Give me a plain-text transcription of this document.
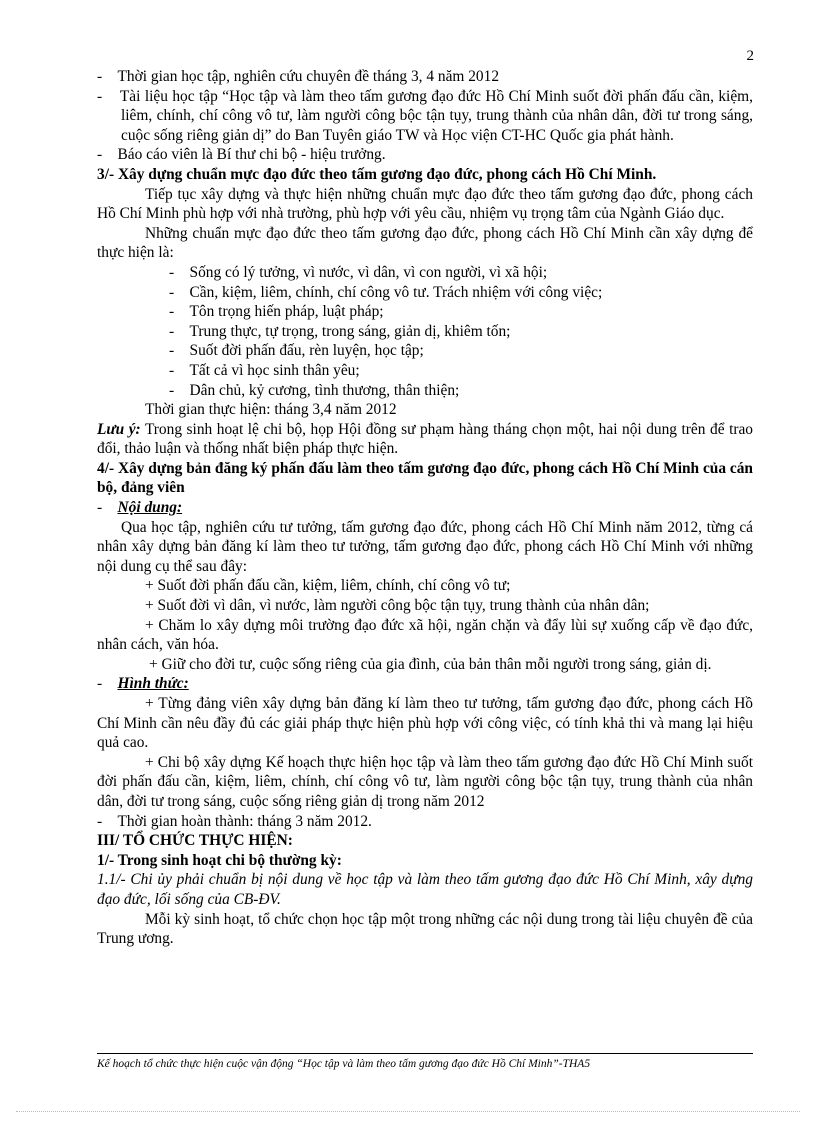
2

-    Thời gian học tập, nghiên cứu chuyên đề tháng 3, 4 năm 2012

-    Tài liệu học tập “Học tập và làm theo tấm gương đạo đức Hồ Chí Minh suốt đời phấn đấu cần, kiệm, liêm, chính, chí công vô tư, làm người công bộc tận tụy, trung thành của nhân dân, đời tư trong sáng, cuộc sống riêng giản dị” do Ban Tuyên giáo TW và Học viện CT-HC Quốc gia phát hành.

-    Báo cáo viên là Bí thư chi bộ - hiệu trưởng.

3/- Xây dựng chuẩn mực đạo đức theo tấm gương đạo đức, phong cách Hồ Chí Minh.

Tiếp tục xây dựng và thực hiện những chuẩn mực đạo đức theo tấm gương đạo đức, phong cách Hồ Chí Minh phù hợp với nhà trường, phù hợp với yêu cầu, nhiệm vụ trọng tâm của Ngành Giáo dục.

Những chuẩn mực đạo đức theo tấm gương đạo đức, phong cách Hồ Chí Minh cần xây dựng để thực hiện là:

-    Sống có lý tưởng, vì nước, vì dân, vì con người, vì xã hội;

-    Cần, kiệm, liêm, chính, chí công vô tư. Trách nhiệm với công việc;

-    Tôn trọng hiến pháp, luật pháp;

-    Trung thực, tự trọng, trong sáng, giản dị, khiêm tốn;

-    Suốt đời phấn đấu, rèn luyện, học tập;

-    Tất cả vì học sinh thân yêu;

-    Dân chủ, kỷ cương, tình thương, thân thiện;

Thời gian thực hiện: tháng 3,4 năm 2012

Lưu ý: Trong sinh hoạt lệ chi bộ, họp Hội đồng sư phạm hàng tháng chọn một, hai nội dung trên để trao đổi, thảo luận và thống nhất biện pháp thực hiện.

4/- Xây dựng bản đăng ký phấn đấu làm theo tấm gương đạo đức, phong cách Hồ Chí Minh của cán bộ, đảng viên

-    Nội dung:

Qua học tập, nghiên cứu tư tưởng, tấm gương đạo đức, phong cách Hồ Chí Minh năm 2012, từng cá nhân xây dựng bản đăng kí làm theo tư tưởng, tấm gương đạo đức, phong cách Hồ Chí Minh với những nội dung cụ thể sau đây:

+ Suốt đời phấn đấu cần, kiệm, liêm, chính, chí công vô tư;

+ Suốt đời vì dân, vì nước, làm người công bộc tận tụy, trung thành của nhân dân;

+ Chăm lo xây dựng môi trường đạo đức xã hội, ngăn chặn và đẩy lùi sự xuống cấp về đạo đức, nhân cách, văn hóa.

+ Giữ cho đời tư, cuộc sống riêng của gia đình, của bản thân mỗi người trong sáng, giản dị.

-    Hình thức:

+ Từng đảng viên xây dựng bản đăng kí làm theo tư tưởng, tấm gương đạo đức, phong cách Hồ Chí Minh cần nêu đầy đủ các giải pháp thực hiện phù hợp với công việc, có tính khả thi và mang lại hiệu quả cao.

+ Chi bộ xây dựng Kế hoạch thực hiện học tập và làm theo tấm gương đạo đức Hồ Chí Minh suốt đời phấn đấu cần, kiệm, liêm, chính, chí công vô tư, làm người công bộc tận tụy, trung thành của nhân dân, đời tư trong sáng, cuộc sống riêng giản dị trong năm 2012

-    Thời gian hoàn thành: tháng 3 năm 2012.

III/ TỔ CHỨC THỰC HIỆN:

1/- Trong sinh hoạt chi bộ thường kỳ:

1.1/- Chi ủy phải chuẩn bị nội dung về học tập và làm theo tấm gương đạo đức Hồ Chí Minh, xây dựng đạo đức, lối sống của CB-ĐV.

Mỗi kỳ sinh hoạt, tổ chức chọn học tập một trong những các nội dung trong tài liệu chuyên đề của Trung ương.

Kế hoạch tổ chức thực hiện cuộc vận động “Học tập và làm theo tấm gương đạo đức Hồ Chí Minh”-THA5
